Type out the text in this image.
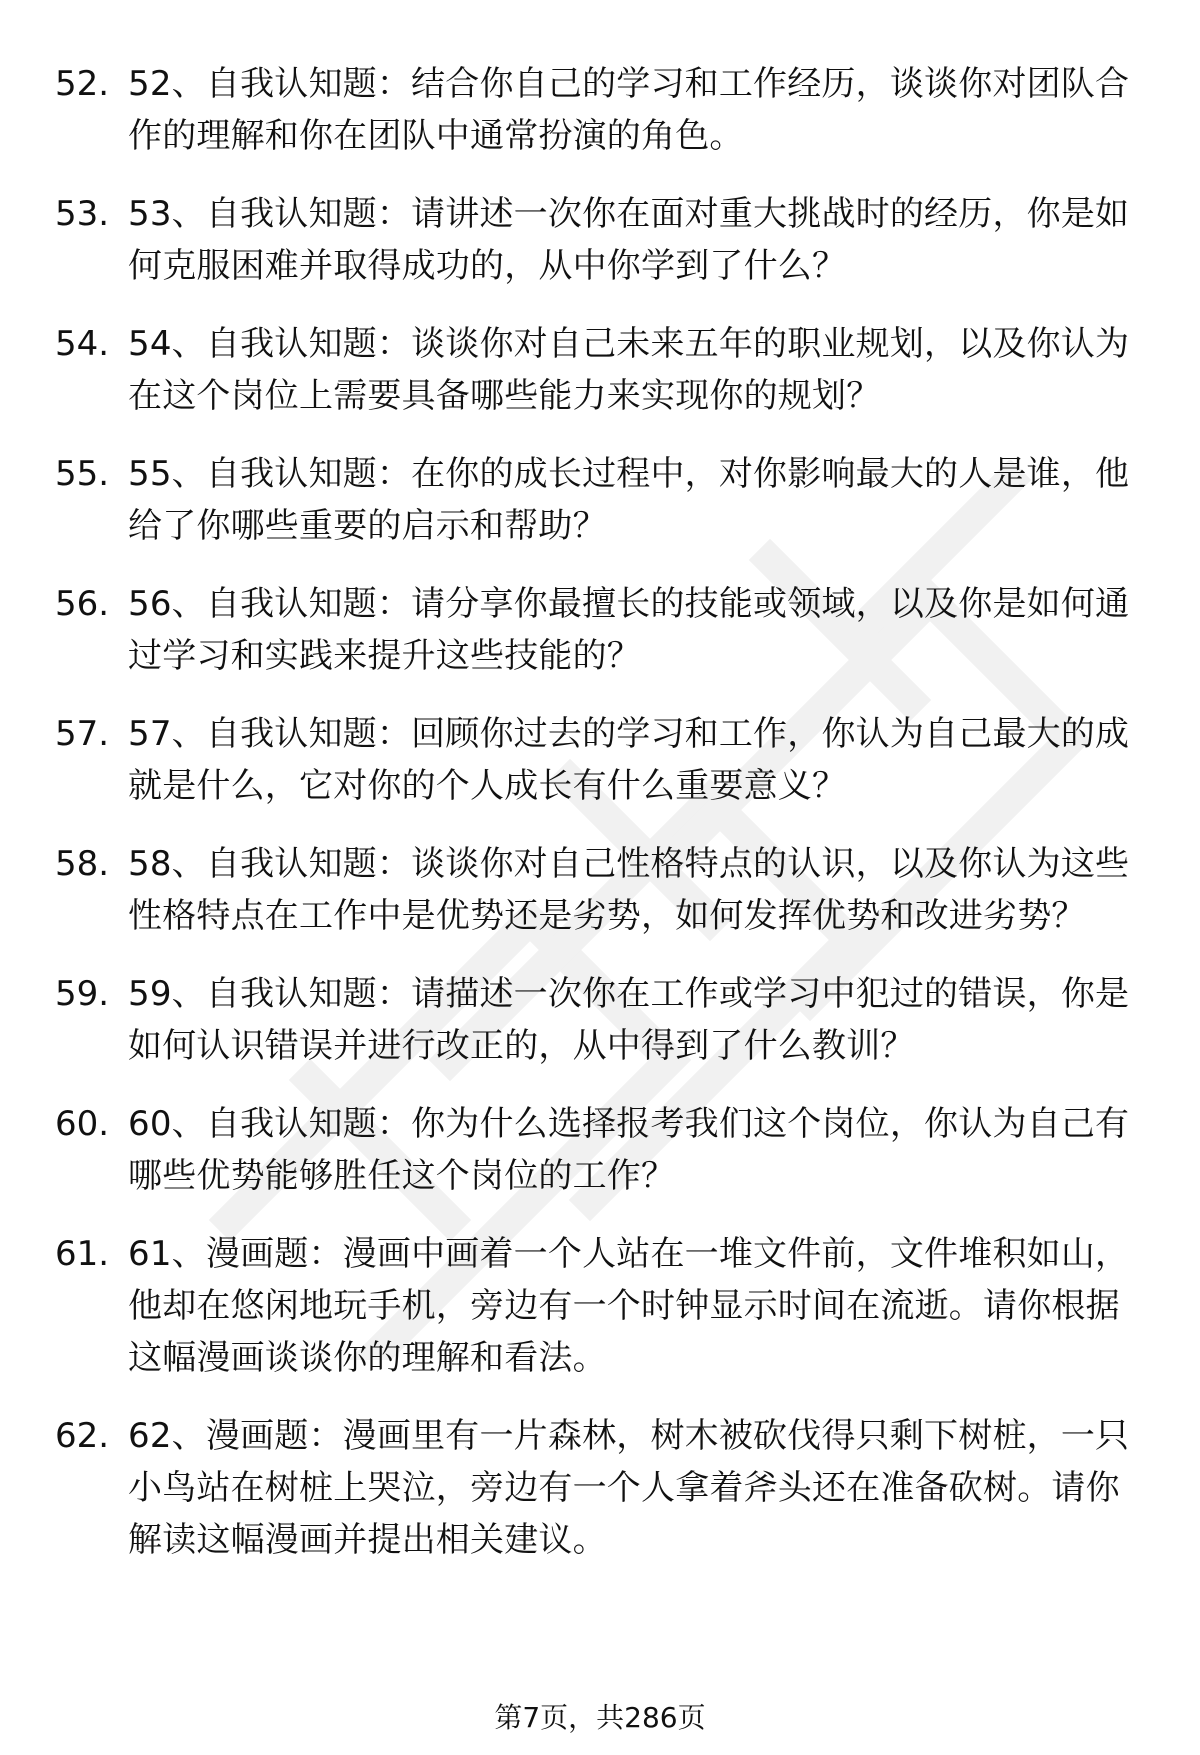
52. 52、自我认知题：结合你自己的学习和工作经历，谈谈你对团队合作的理解和你在团队中通常扮演的角色。
53. 53、自我认知题：请讲述一次你在面对重大挑战时的经历，你是如何克服困难并取得成功的，从中你学到了什么？
54. 54、自我认知题：谈谈你对自己未来五年的职业规划，以及你认为在这个岗位上需要具备哪些能力来实现你的规划？
55. 55、自我认知题：在你的成长过程中，对你影响最大的人是谁，他给了你哪些重要的启示和帮助？
56. 56、自我认知题：请分享你最擅长的技能或领域，以及你是如何通过学习和实践来提升这些技能的？
57. 57、自我认知题：回顾你过去的学习和工作，你认为自己最大的成就是什么，它对你的个人成长有什么重要意义？
58. 58、自我认知题：谈谈你对自己性格特点的认识，以及你认为这些性格特点在工作中是优势还是劣势，如何发挥优势和改进劣势？
59. 59、自我认知题：请描述一次你在工作或学习中犯过的错误，你是如何认识错误并进行改正的，从中得到了什么教训？
60. 60、自我认知题：你为什么选择报考我们这个岗位，你认为自己有哪些优势能够胜任这个岗位的工作？
61. 61、漫画题：漫画中画着一个人站在一堆文件前，文件堆积如山，他却在悠闲地玩手机，旁边有一个时钟显示时间在流逝。请你根据这幅漫画谈谈你的理解和看法。
62. 62、漫画题：漫画里有一片森林，树木被砍伐得只剩下树桩，一只小鸟站在树桩上哭泣，旁边有一个人拿着斧头还在准备砍树。请你解读这幅漫画并提出相关建议。
第7页，共286页
